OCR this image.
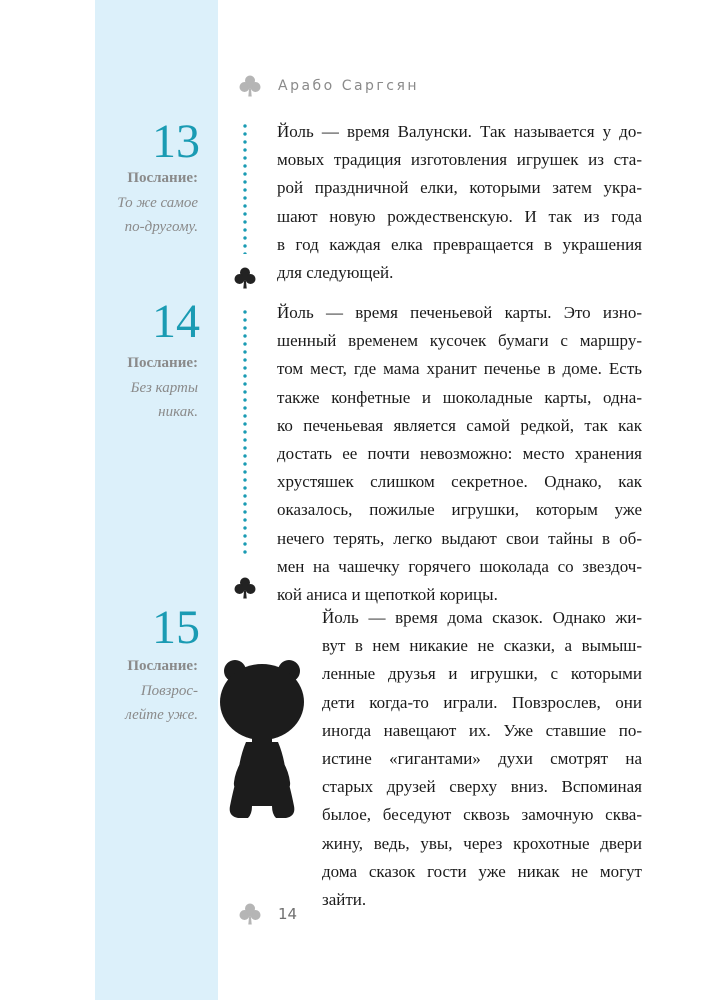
Арабо Саргсян
13
Послание:
То же самое
по-другому.
Йоль — время Валунски. Так называется у до-
мовых традиция изготовления игрушек из ста-
рой праздничной елки, которыми затем укра-
шают новую рождественскую. И так из года
в год каждая елка превращается в украшения
для следующей.
14
Послание:
Без карты
никак.
Йоль — время печеньевой карты. Это изно-
шенный временем кусочек бумаги с маршру-
том мест, где мама хранит печенье в доме. Есть
также конфетные и шоколадные карты, одна-
ко печеньевая является самой редкой, так как
достать ее почти невозможно: место хранения
хрустяшек слишком секретное. Однако, как
оказалось, пожилые игрушки, которым уже
нечего терять, легко выдают свои тайны в об-
мен на чашечку горячего шоколада со звездоч-
кой аниса и щепоткой корицы.
15
Послание:
Повзрос-
лейте уже.
Йоль — время дома сказок. Однако жи-
вут в нем никакие не сказки, а вымыш-
ленные друзья и игрушки, с которыми
дети когда-то играли. Повзрослев, они
иногда навещают их. Уже ставшие по-
истине «гигантами» духи смотрят на
старых друзей сверху вниз. Вспоминая
былое, беседуют сквозь замочную сква-
жину, ведь, увы, через крохотные двери
дома сказок гости уже никак не могут
зайти.
14
